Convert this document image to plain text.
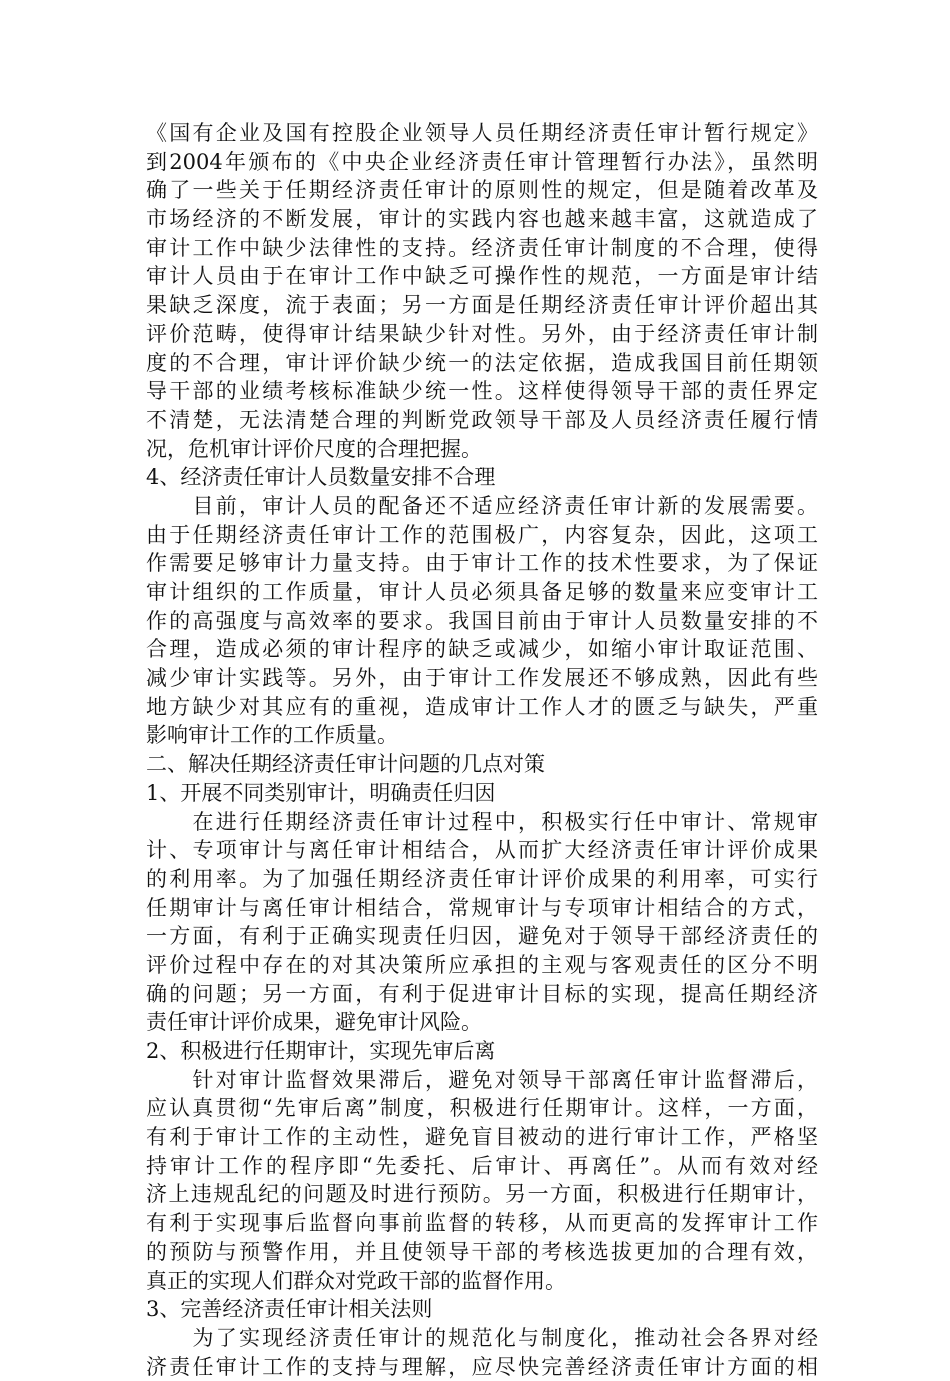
《国有企业及国有控股企业领导人员任期经济责任审计暂行规定》
到2004年颁布的《中央企业经济责任审计管理暂行办法》，虽然明
确了一些关于任期经济责任审计的原则性的规定，但是随着改革及
市场经济的不断发展，审计的实践内容也越来越丰富，这就造成了
审计工作中缺少法律性的支持。经济责任审计制度的不合理，使得
审计人员由于在审计工作中缺乏可操作性的规范，一方面是审计结
果缺乏深度，流于表面；另一方面是任期经济责任审计评价超出其
评价范畴，使得审计结果缺少针对性。另外，由于经济责任审计制
度的不合理，审计评价缺少统一的法定依据，造成我国目前任期领
导干部的业绩考核标准缺少统一性。这样使得领导干部的责任界定
不清楚，无法清楚合理的判断党政领导干部及人员经济责任履行情
况，危机审计评价尺度的合理把握。
4、经济责任审计人员数量安排不合理
　　目前，审计人员的配备还不适应经济责任审计新的发展需要。
由于任期经济责任审计工作的范围极广，内容复杂，因此，这项工
作需要足够审计力量支持。由于审计工作的技术性要求，为了保证
审计组织的工作质量，审计人员必须具备足够的数量来应变审计工
作的高强度与高效率的要求。我国目前由于审计人员数量安排的不
合理，造成必须的审计程序的缺乏或减少，如缩小审计取证范围、
减少审计实践等。另外，由于审计工作发展还不够成熟，因此有些
地方缺少对其应有的重视，造成审计工作人才的匮乏与缺失，严重
影响审计工作的工作质量。
二、解决任期经济责任审计问题的几点对策
1、开展不同类别审计，明确责任归因
　　在进行任期经济责任审计过程中，积极实行任中审计、常规审
计、专项审计与离任审计相结合，从而扩大经济责任审计评价成果
的利用率。为了加强任期经济责任审计评价成果的利用率，可实行
任期审计与离任审计相结合，常规审计与专项审计相结合的方式，
一方面，有利于正确实现责任归因，避免对于领导干部经济责任的
评价过程中存在的对其决策所应承担的主观与客观责任的区分不明
确的问题；另一方面，有利于促进审计目标的实现，提高任期经济
责任审计评价成果，避免审计风险。
2、积极进行任期审计，实现先审后离
　　针对审计监督效果滞后，避免对领导干部离任审计监督滞后，
应认真贯彻“先审后离”制度，积极进行任期审计。这样，一方面，
有利于审计工作的主动性，避免盲目被动的进行审计工作，严格坚
持审计工作的程序即“先委托、后审计、再离任”。从而有效对经
济上违规乱纪的问题及时进行预防。另一方面，积极进行任期审计，
有利于实现事后监督向事前监督的转移，从而更高的发挥审计工作
的预防与预警作用，并且使领导干部的考核选拔更加的合理有效，
真正的实现人们群众对党政干部的监督作用。
3、完善经济责任审计相关法则
　　为了实现经济责任审计的规范化与制度化，推动社会各界对经
济责任审计工作的支持与理解，应尽快完善经济责任审计方面的相
